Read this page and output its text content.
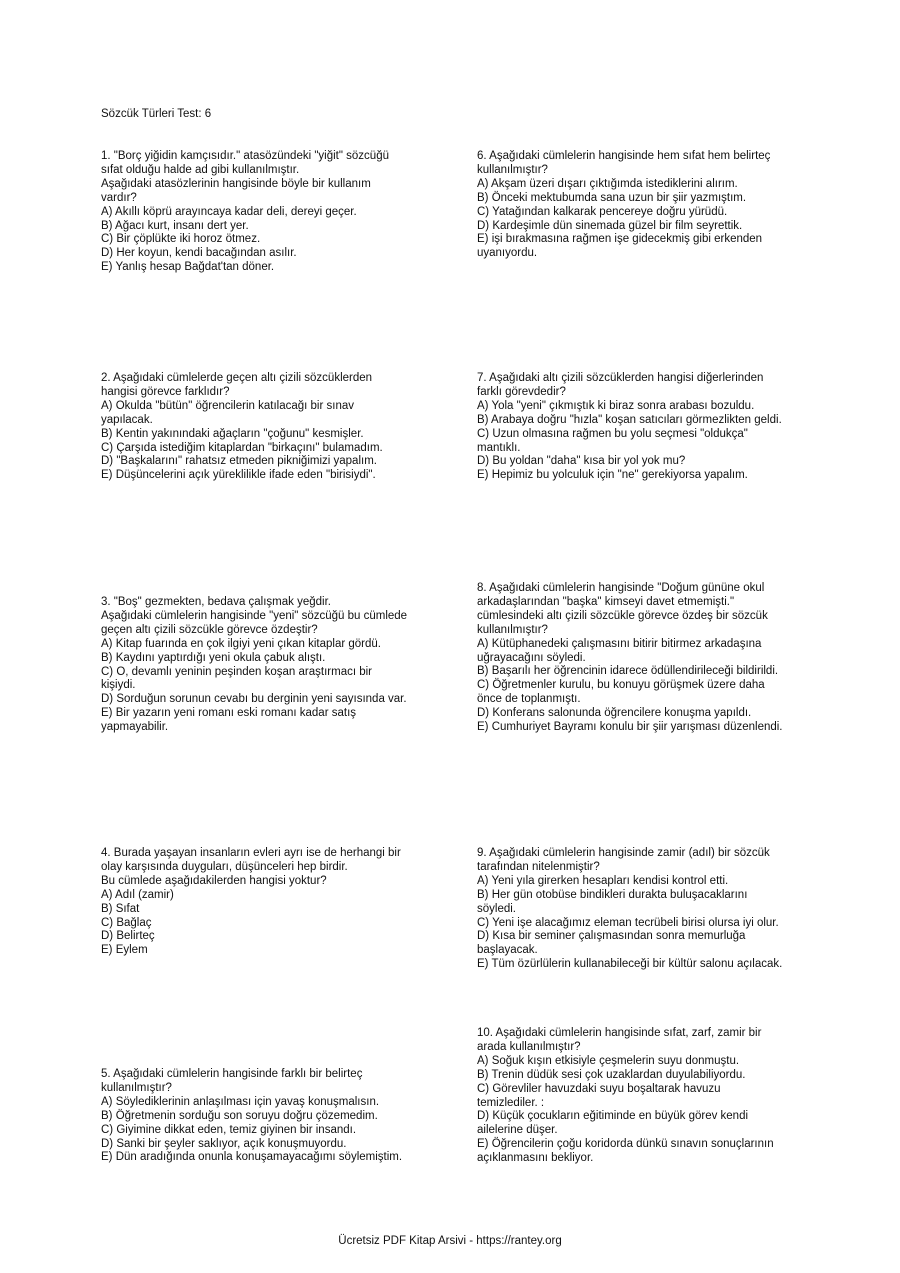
Sözcük Türleri Test: 6
1. "Borç yiğidin kamçısıdır." atasözündeki "yiğit" sözcüğü
sıfat olduğu halde ad gibi kullanılmıştır.
Aşağıdaki atasözlerinin hangisinde böyle bir kullanım
vardır?
A) Akıllı köprü arayıncaya kadar deli, dereyi geçer.
B) Ağacı kurt, insanı dert yer.
C) Bir çöplükte iki horoz ötmez.
D) Her koyun, kendi bacağından asılır.
E) Yanlış hesap Bağdat'tan döner.
2. Aşağıdaki cümlelerde geçen altı çizili sözcüklerden
hangisi görevce farklıdır?
A) Okulda "bütün" öğrencilerin katılacağı bir sınav
yapılacak.
B) Kentin yakınındaki ağaçların "çoğunu" kesmişler.
C) Çarşıda istediğim kitaplardan "birkaçını" bulamadım.
D) "Başkalarını" rahatsız etmeden pikniğimizi yapalım.
E) Düşüncelerini açık yüreklilikle ifade eden "birisiydi".
3. "Boş" gezmekten, bedava çalışmak yeğdir.
Aşağıdaki cümlelerin hangisinde "yeni" sözcüğü bu cümlede
geçen altı çizili sözcükle görevce özdeştir?
A) Kitap fuarında en çok ilgiyi yeni çıkan kitaplar gördü.
B) Kaydını yaptırdığı yeni okula çabuk alıştı.
C) O, devamlı yeninin peşinden koşan araştırmacı bir
kişiydi.
D) Sorduğun sorunun cevabı bu derginin yeni sayısında var.
E) Bir yazarın yeni romanı eski romanı kadar satış
yapmayabilir.
4. Burada yaşayan insanların evleri ayrı ise de herhangi bir
olay karşısında duyguları, düşünceleri hep birdir.
Bu cümlede aşağıdakilerden hangisi yoktur?
A) Adıl (zamir)
B) Sıfat
C) Bağlaç
D) Belirteç
E) Eylem
5. Aşağıdaki cümlelerin hangisinde farklı bir belirteç
kullanılmıştır?
A) Söylediklerinin anlaşılması için yavaş konuşmalısın.
B) Öğretmenin sorduğu son soruyu doğru çözemedim.
C) Giyimine dikkat eden, temiz giyinen bir insandı.
D) Sanki bir şeyler saklıyor, açık konuşmuyordu.
E) Dün aradığında onunla konuşamayacağımı söylemiştim.
6. Aşağıdaki cümlelerin hangisinde hem sıfat hem belirteç
kullanılmıştır?
A) Akşam üzeri dışarı çıktığımda istediklerini alırım.
B) Önceki mektubumda sana uzun bir şiir yazmıştım.
C) Yatağından kalkarak pencereye doğru yürüdü.
D) Kardeşimle dün sinemada güzel bir film seyrettik.
E) işi bırakmasına rağmen işe gidecekmiş gibi erkenden
uyanıyordu.
7. Aşağıdaki altı çizili sözcüklerden hangisi diğerlerinden
farklı görevdedir?
A) Yola "yeni" çıkmıştık ki biraz sonra arabası bozuldu.
B) Arabaya doğru "hızla" koşan satıcıları görmezlikten geldi.
C) Uzun olmasına rağmen bu yolu seçmesi "oldukça"
mantıklı.
D) Bu yoldan "daha" kısa bir yol yok mu?
E) Hepimiz bu yolculuk için "ne" gerekiyorsa yapalım.
8. Aşağıdaki cümlelerin hangisinde "Doğum gününe okul
arkadaşlarından "başka" kimseyi davet etmemişti."
cümlesindeki altı çizili sözcükle görevce özdeş bir sözcük
kullanılmıştır?
A) Kütüphanedeki çalışmasını bitirir bitirmez arkadaşına
uğrayacağını söyledi.
B) Başarılı her öğrencinin idarece ödüllendirileceği bildirildi.
C) Öğretmenler kurulu, bu konuyu görüşmek üzere daha
önce de toplanmıştı.
D) Konferans salonunda öğrencilere konuşma yapıldı.
E) Cumhuriyet Bayramı konulu bir şiir yarışması düzenlendi.
9. Aşağıdaki cümlelerin hangisinde zamir (adıl) bir sözcük
tarafından nitelenmiştir?
A) Yeni yıla girerken hesapları kendisi kontrol etti.
B) Her gün otobüse bindikleri durakta buluşacaklarını
söyledi.
C) Yeni işe alacağımız eleman tecrübeli birisi olursa iyi olur.
D) Kısa bir seminer çalışmasından sonra memurluğa
başlayacak.
E) Tüm özürlülerin kullanabileceği bir kültür salonu açılacak.
10. Aşağıdaki cümlelerin hangisinde sıfat, zarf, zamir bir
arada kullanılmıştır?
A) Soğuk kışın etkisiyle çeşmelerin suyu donmuştu.
B) Trenin düdük sesi çok uzaklardan duyulabiliyordu.
C) Görevliler havuzdaki suyu boşaltarak havuzu
temizlediler. :
D) Küçük çocukların eğitiminde en büyük görev kendi
ailelerine düşer.
E) Öğrencilerin çoğu koridorda dünkü sınavın sonuçlarının
açıklanmasını bekliyor.
Ücretsiz PDF Kitap Arsivi - https://rantey.org
